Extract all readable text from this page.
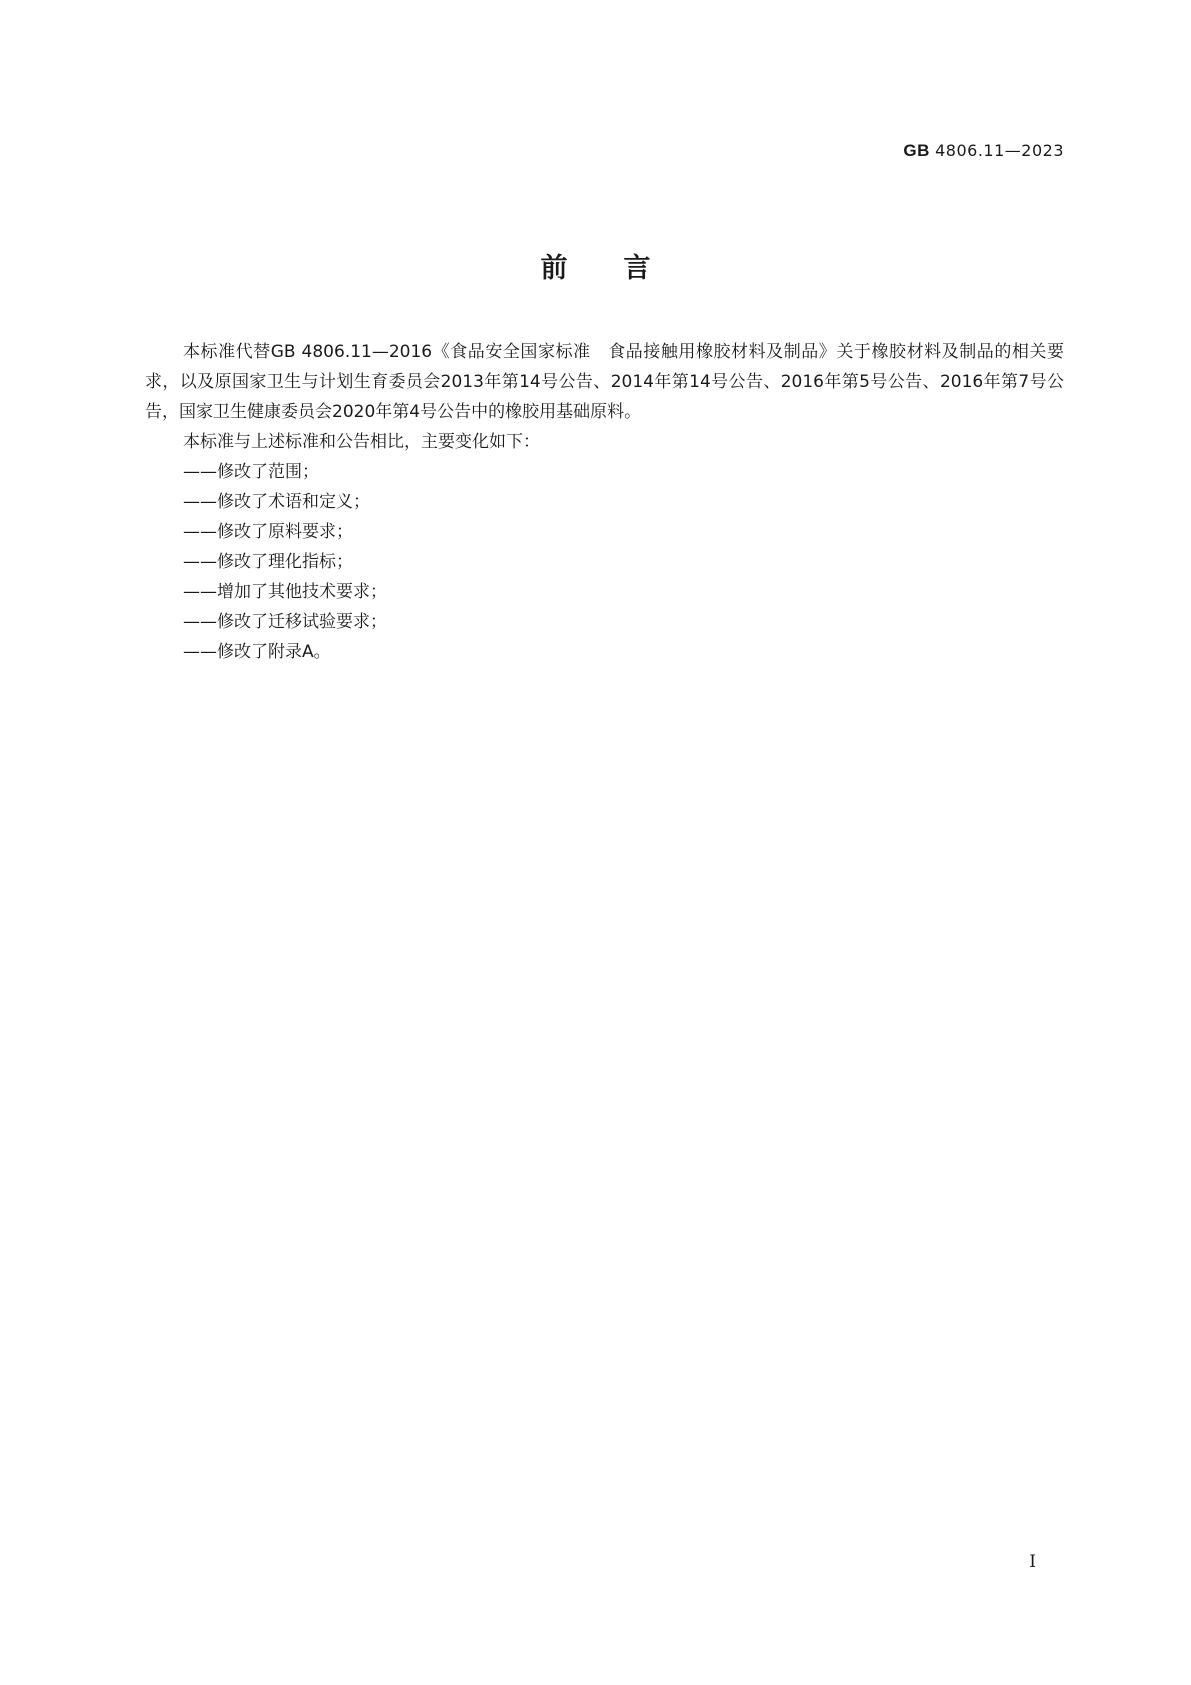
GB 4806.11—2023
前言

本标准代替GB 4806.11—2016《食品安全国家标准　食品接触用橡胶材料及制品》关于橡胶材料及制品的相关要求，以及原国家卫生与计划生育委员会2013年第14号公告、2014年第14号公告、2016年第5号公告、2016年第7号公告，国家卫生健康委员会2020年第4号公告中的橡胶用基础原料。

本标准与上述标准和公告相比，主要变化如下：

——修改了范围；

——修改了术语和定义；

——修改了原料要求；

——修改了理化指标；

——增加了其他技术要求；

——修改了迁移试验要求；

——修改了附录A。

I
